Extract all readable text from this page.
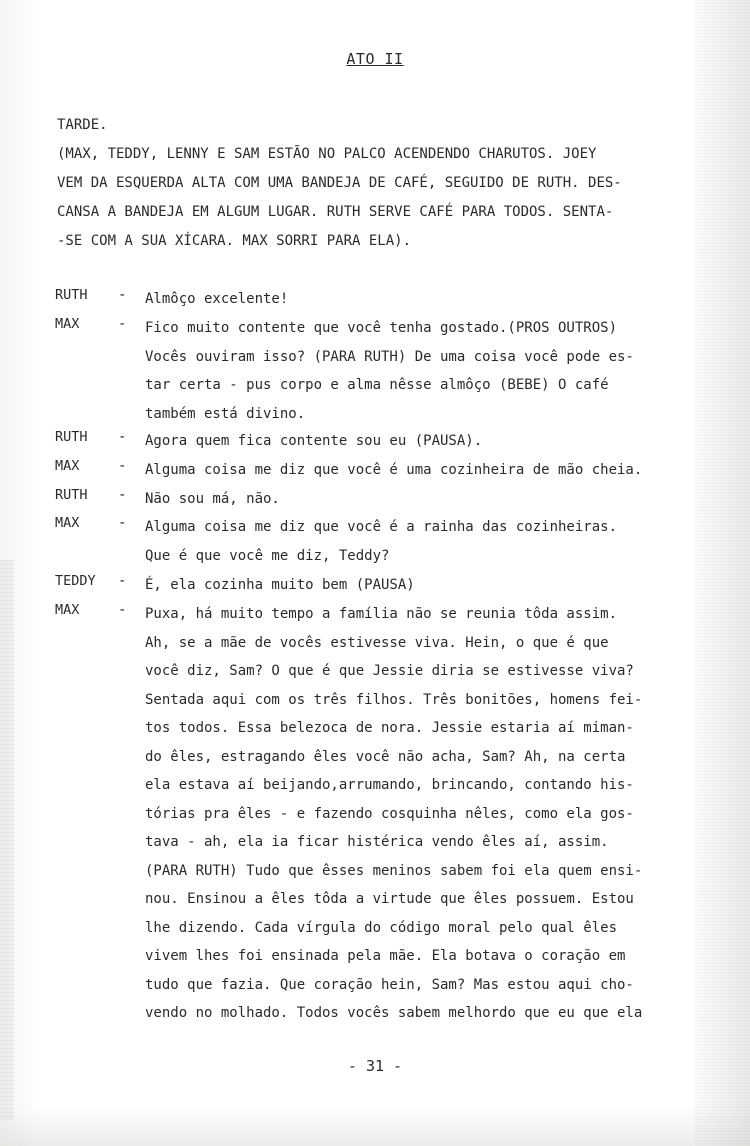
ATO II
TARDE.
(MAX, TEDDY, LENNY E SAM ESTÃO NO PALCO ACENDENDO CHARUTOS. JOEY
VEM DA ESQUERDA ALTA COM UMA BANDEJA DE CAFÉ, SEGUIDO DE RUTH. DES-
CANSA A BANDEJA EM ALGUM LUGAR. RUTH SERVE CAFÉ PARA TODOS. SENTA-
-SE COM A SUA XÍCARA. MAX SORRI PARA ELA).
RUTH - Almôço excelente!
MAX	- Fico muito contente que você tenha gostado.(PROS OUTROS)
Vocês ouviram isso? (PARA RUTH) De uma coisa você pode es-
tar certa - pus corpo e alma nêsse almôço (BEBE) O café
também está divino.
RUTH - Agora quem fica contente sou eu (PAUSA).
MAX	- Alguma coisa me diz que você é uma cozinheira de mão cheia.
RUTH - Não sou má, não.
MAX	- Alguma coisa me diz que você é a rainha das cozinheiras.
Que é que você me diz, Teddy?
TEDDY - É, ela cozinha muito bem (PAUSA)
MAX	- Puxa, há muito tempo a família não se reunia tôda assim.
Ah, se a mãe de vocês estivesse viva. Hein, o que é que
você diz, Sam? O que é que Jessie diria se estivesse viva?
Sentada aqui com os três filhos. Três bonitões, homens fei-
tos todos. Essa belezoca de nora. Jessie estaria aí miman-
do êles, estragando êles você não acha, Sam? Ah, na certa
ela estava aí beijando,arrumando, brincando, contando his-
tórias pra êles - e fazendo cosquinha nêles, como ela gos-
tava - ah, ela ia ficar histérica vendo êles aí, assim.
(PARA RUTH) Tudo que êsses meninos sabem foi ela quem ensi-
nou. Ensinou a êles tôda a virtude que êles possuem. Estou
lhe dizendo. Cada vírgula do código moral pelo qual êles
vivem lhes foi ensinada pela mãe. Ela botava o coração em
tudo que fazia. Que coração hein, Sam? Mas estou aqui cho-
vendo no molhado. Todos vocês sabem melhordo que eu que ela
- 31 -
